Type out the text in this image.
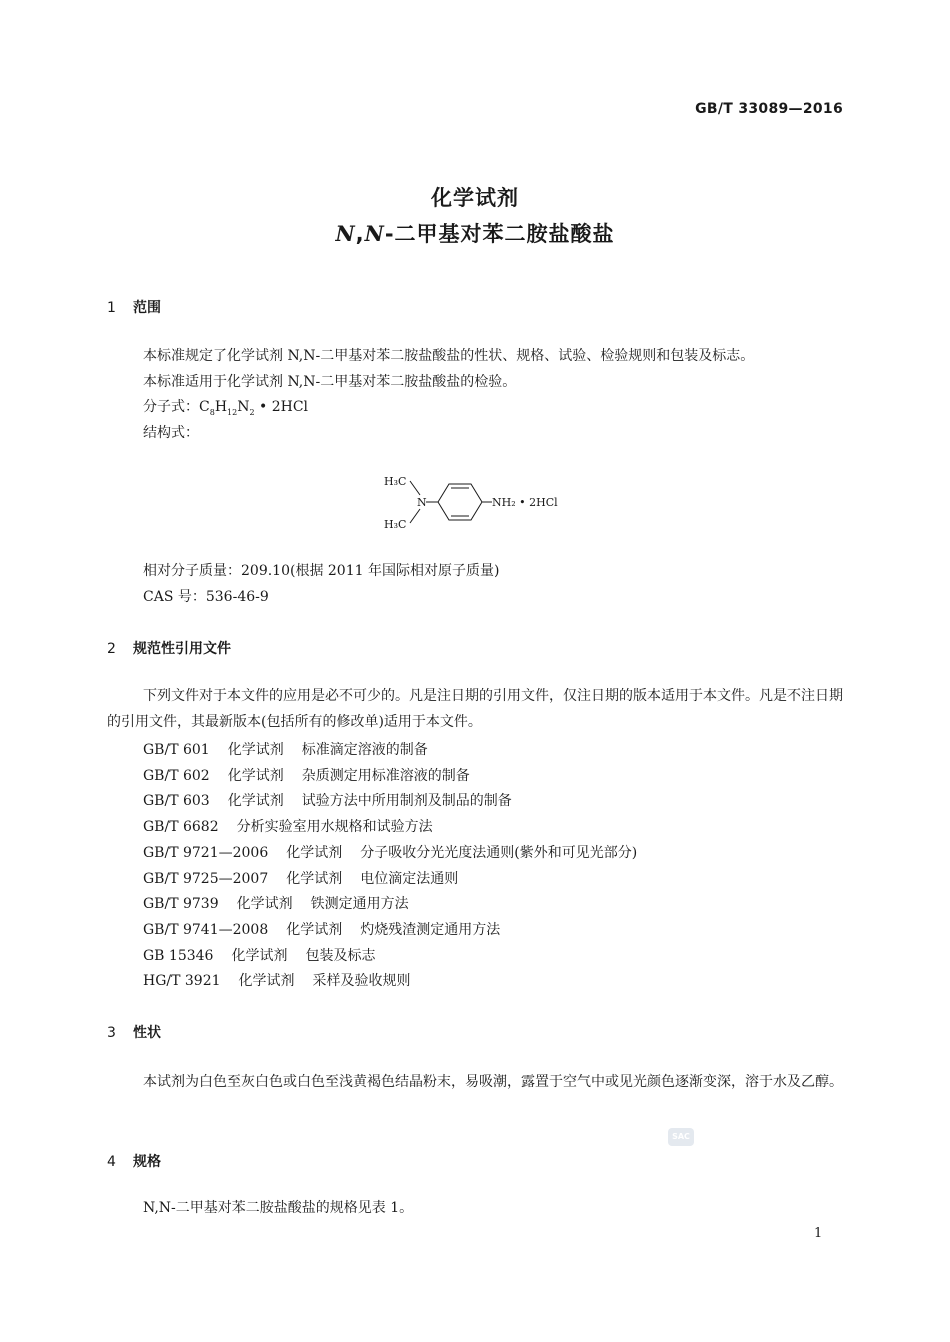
GB/T 33089—2016
化学试剂
N,N-二甲基对苯二胺盐酸盐
1 范围
本标准规定了化学试剂 N,N-二甲基对苯二胺盐酸盐的性状、规格、试验、检验规则和包装及标志。
本标准适用于化学试剂 N,N-二甲基对苯二胺盐酸盐的检验。
分子式：$C_8H_{12}N_2$ • 2HCl
结构式：
H₃C
H₃C
N	NH₂ • 2HCl
相对分子质量：209.10(根据 2011 年国际相对原子质量)
CAS 号：536-46-9
2 规范性引用文件
下列文件对于本文件的应用是必不可少的。凡是注日期的引用文件，仅注日期的版本适用于本文件。凡是不注日期的引用文件，其最新版本(包括所有的修改单)适用于本文件。
GB/T 601 化学试剂 标准滴定溶液的制备
GB/T 602 化学试剂 杂质测定用标准溶液的制备
GB/T 603 化学试剂 试验方法中所用制剂及制品的制备
GB/T 6682 分析实验室用水规格和试验方法
GB/T 9721—2006 化学试剂 分子吸收分光光度法通则(紫外和可见光部分)
GB/T 9725—2007 化学试剂 电位滴定法通则
GB/T 9739 化学试剂 铁测定通用方法
GB/T 9741—2008 化学试剂 灼烧残渣测定通用方法
GB 15346 化学试剂 包装及标志
HG/T 3921 化学试剂 采样及验收规则
3 性状
本试剂为白色至灰白色或白色至浅黄褐色结晶粉末，易吸潮，露置于空气中或见光颜色逐渐变深，溶于水及乙醇。
SAC
4 规格
N,N-二甲基对苯二胺盐酸盐的规格见表 1。
1
